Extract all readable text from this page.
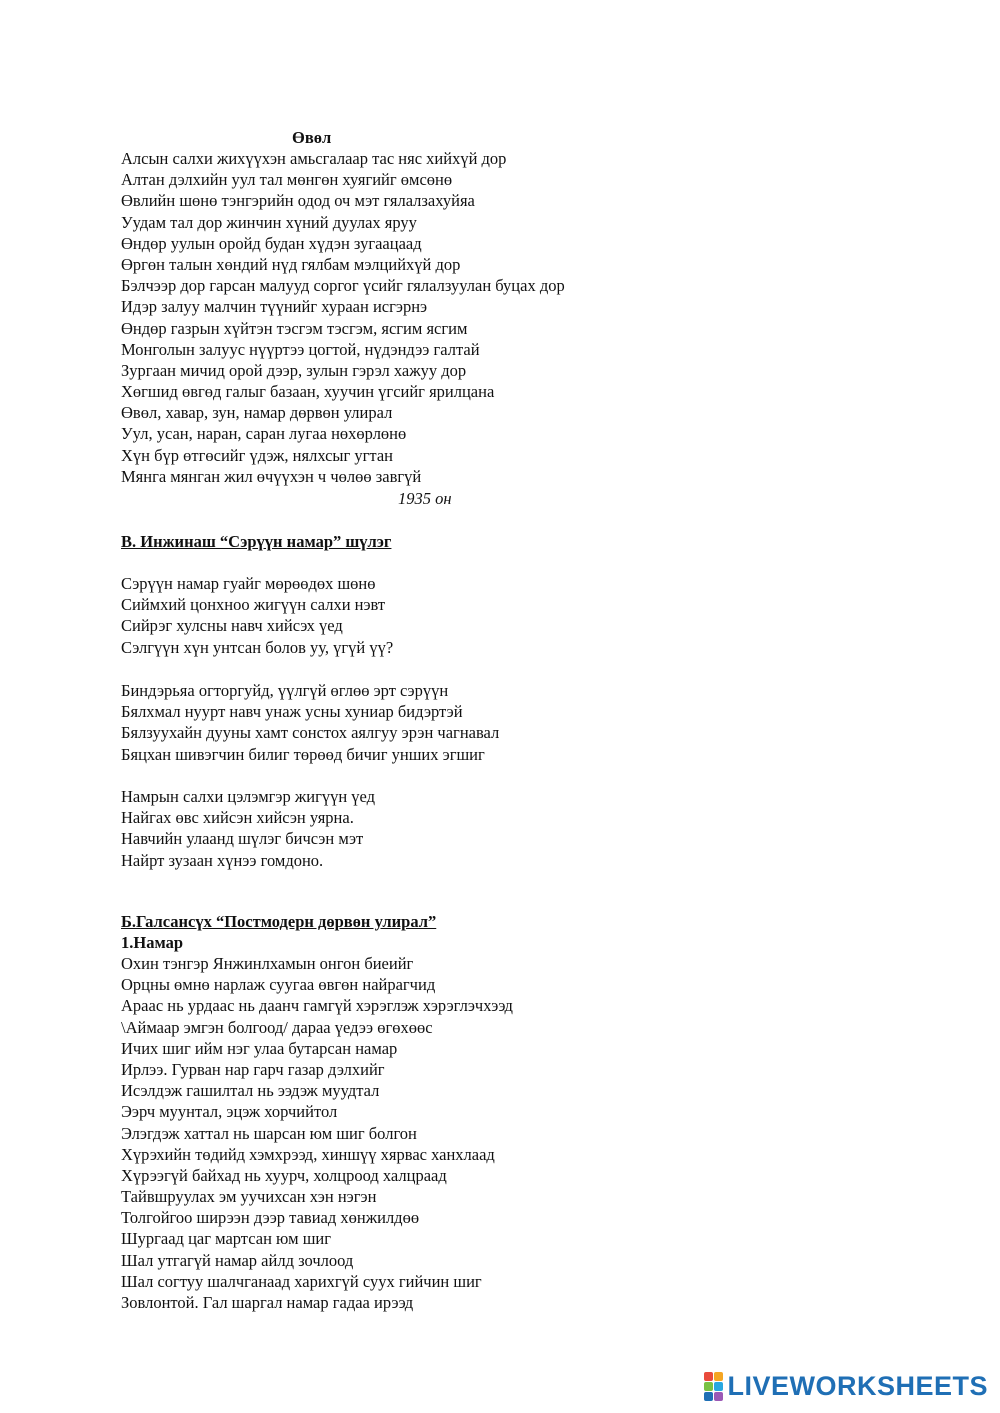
Өвөл
Алсын салхи жихүүхэн амьсгалаар тас няс хийхүй дор
Алтан дэлхийн уул тал мөнгөн хуягийг өмсөнө
Өвлийн шөнө тэнгэрийн одод оч мэт гялалзахуйяа
Уудам тал дор жинчин хүний дуулах яруу
Өндөр уулын оройд будан хүдэн зугаацаад
Өргөн талын хөндий нүд гялбам мэлцийхүй дор
Бэлчээр дор гарсан малууд соргог үсийг гялалзуулан буцах дор
Идэр залуу малчин түүнийг хураан исгэрнэ
Өндөр газрын хүйтэн тэсгэм тэсгэм, ясгим ясгим
Монголын залуус нүүртээ цогтой, нүдэндээ галтай
Зургаан мичид орой дээр, зулын гэрэл хажуу дор
Хөгшид өвгөд галыг базаан, хуучин үгсийг ярилцана
Өвөл, хавар, зун, намар дөрвөн улирал
Уул, усан, наран, саран лугаа нөхөрлөнө
Хүн бүр өтгөсийг үдэж, нялхсыг угтан
Мянга мянган жил өчүүхэн ч чөлөө завгүй
1935 он
В. Инжинаш “Сэрүүн намар” шүлэг
Сэрүүн намар гуайг мөрөөдөх шөнө
Сиймхий цонхноо жигүүн салхи нэвт
Сийрэг хулсны навч хийсэх үед
Сэлгүүн хүн унтсан болов уу, үгүй үү?
Биндэрьяа огторгуйд, үүлгүй өглөө эрт сэрүүн
Бялхмал нуурт навч унаж усны хуниар бидэртэй
Бялзуухайн дууны хамт сонстох аялгуу эрэн чагнавал
Бяцхан шивэгчин билиг төрөөд бичиг унших эгшиг
Намрын салхи цэлэмгэр жигүүн үед
Найгах өвс хийсэн хийсэн уярна.
Навчийн улаанд шүлэг бичсэн мэт
Найрт зузаан хүнээ гомдоно.
Б.Галсансүх “Постмодерн дөрвөн улирал”
1.Намар
Охин тэнгэр Янжинлхамын онгон биеийг
Орцны өмнө нарлаж суугаа өвгөн найрагчид
Араас нь урдаас нь даанч гамгүй хэрэглэж хэрэглэчхээд
\Аймаар эмгэн болгоод/ дараа үедээ өгөхөөс
Ичих шиг ийм нэг улаа бутарсан намар
Ирлээ. Гурван нар гарч газар дэлхийг
Исэлдэж гашилтал нь ээдэж муудтал
Ээрч муунтал, эцэж хорчийтол
Элэгдэж хаттал нь шарсан юм шиг болгон
Хүрэхийн төдийд хэмхрээд, хиншүү хярвас ханхлаад
Хүрээгүй байхад нь хуурч, холцроод халцраад
Тайвшруулах эм уучихсан хэн нэгэн
Толгойгоо ширээн дээр тавиад хөнжилдөө
Шургаад цаг мартсан юм шиг
Шал утгагүй намар айлд зочлоод
Шал согтуу шалчганаад харихгүй суух гийчин шиг
Зовлонтой. Гал шаргал намар гадаа ирээд
LIVEWORKSHEETS
